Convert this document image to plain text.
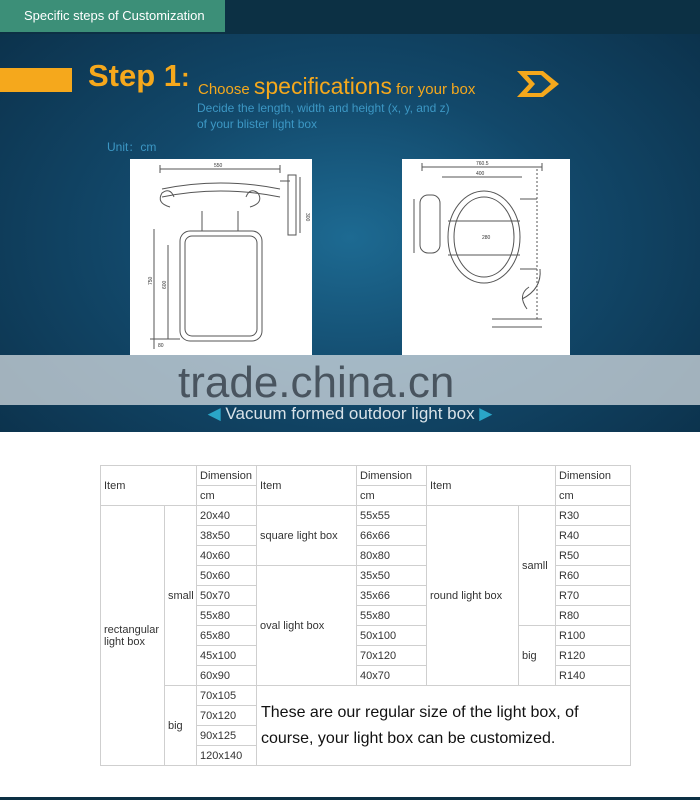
Specific steps of Customization
Step 1: Choose specifications for your box
Decide the length, width and height (x, y, and z)
of your blister light box
Unit：cm
550
300
750 600
80
760.5
400
280
trade.china.cn
◀ Vacuum formed outdoor light box ▶
Item		Dimension	Item	Dimension	Item		Dimension
		cm		cm			cm
rectangular light box	small	20x40	square light box	55x55	round light box	samll	R30
		38x50		66x66			R40
		40x60		80x80			R50
		50x60	oval light box	35x50			R60
		50x70		35x66			R70
		55x80		55x80			R80
		65x80		50x100		big	R100
		45x100		70x120			R120
		60x90		40x70			R140
	big	70x105	These are our regular size of the light box, of course, your light box can be customized.				
		70x120					
		90x125					
		120x140					
